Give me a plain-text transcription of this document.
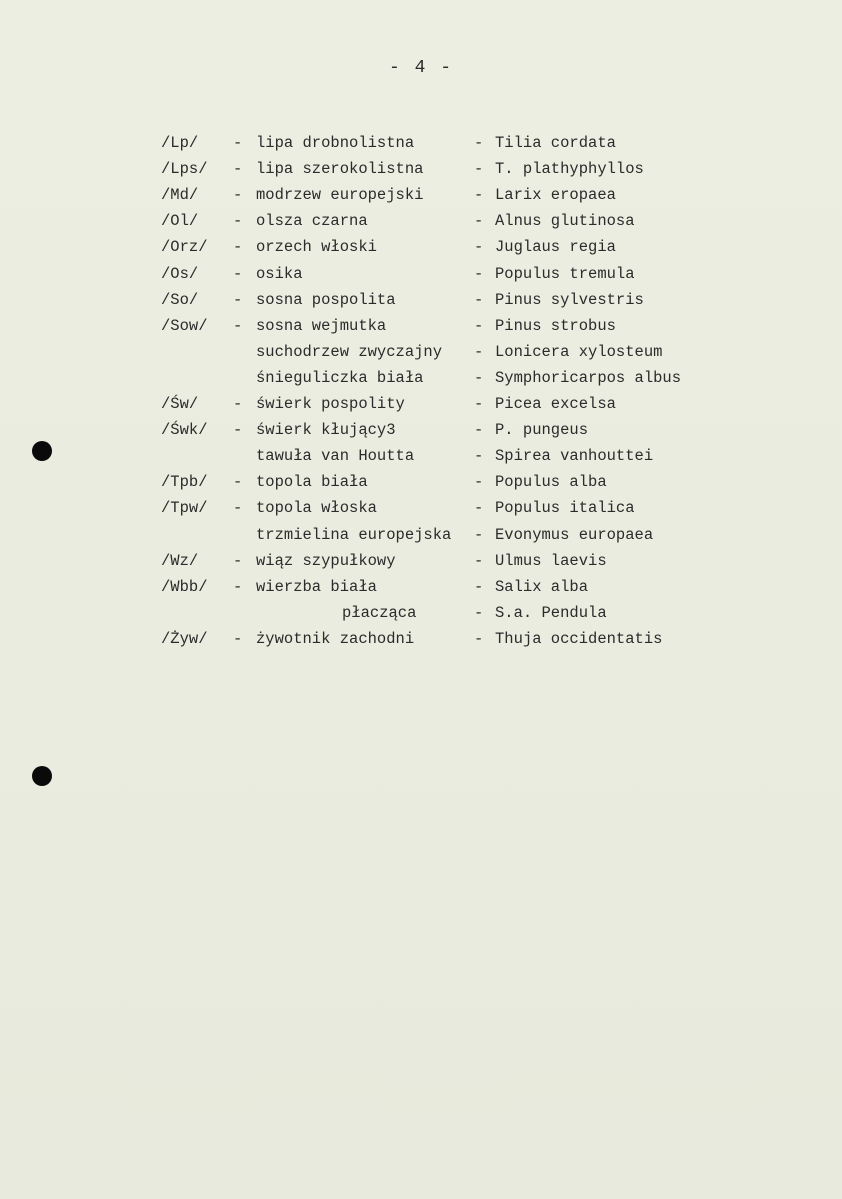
- 4 -
/Lp/ - lipa drobnolistna	- Tilia cordata
/Lps/ - lipa szerokolistna	- T. plathyphyllos
/Md/ - modrzew europejski	- Larix eropaea
/Ol/ - olsza czarna	- Alnus glutinosa
/Orz/ - orzech włoski	- Juglaus regia
/Os/ - osika	- Populus tremula
/So/ - sosna pospolita	- Pinus sylvestris
/Sow/ - sosna wejmutka	- Pinus strobus
suchodrzew zwyczajny - Lonicera xylosteum
śnieguliczka biała	- Symphoricarpos albus
/Św/ - świerk pospolity	- Picea excelsa
/Śwk/ - świerk kłujący3	- P. pungeus
tawuła van Houtta	- Spirea vanhouttei
/Tpb/ - topola biała	- Populus alba
/Tpw/ - topola włoska	- Populus italica
trzmielina europejska - Evonymus europaea
/Wz/ - wiąz szypułkowy	- Ulmus laevis
/Wbb/ - wierzba biała	- Salix alba
płacząca	- S.a. Pendula
/Żyw/ - żywotnik zachodni	- Thuja occidentatis
